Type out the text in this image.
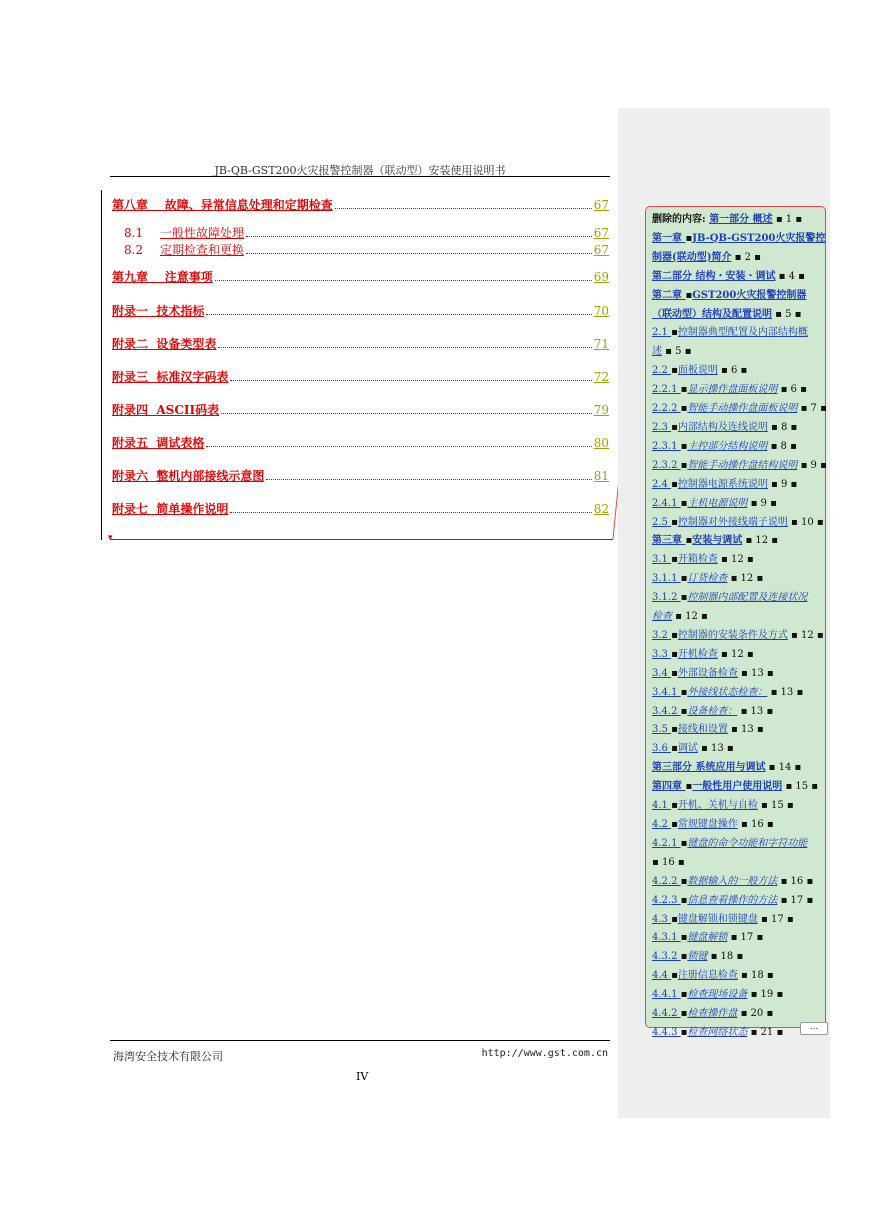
JB-QB-GST200火灾报警控制器（联动型）安装使用说明书
第八章    故障、异常信息处理和定期检查	67
8.1 一般性故障处理	67
8.2 定期检查和更换	67
第九章    注意事项	69
附录一  技术指标	70
附录二  设备类型表	71
附录三  标准汉字码表	72
附录四  ASCII码表	79
附录五  调试表格	80
附录六  整机内部接线示意图	81
附录七  简单操作说明	82
▾
海湾安全技术有限公司	http://www.gst.com.cn
IV
删除的内容: 第一部分 概述 ▪ 1 ▪
第一章 ▪JB-QB-GST200火灾报警控
制器(联动型)简介 ▪ 2 ▪
第二部分 结构・安装・调试 ▪ 4 ▪
第二章 ▪GST200火灾报警控制器
（联动型）结构及配置说明 ▪ 5 ▪
2.1 ▪控制器典型配置及内部结构概
述 ▪ 5 ▪
2.2 ▪面板说明 ▪ 6 ▪
2.2.1 ▪显示操作盘面板说明 ▪ 6 ▪
2.2.2 ▪智能手动操作盘面板说明 ▪ 7 ▪
2.3 ▪内部结构及连线说明 ▪ 8 ▪
2.3.1 ▪主控部分结构说明 ▪ 8 ▪
2.3.2 ▪智能手动操作盘结构说明 ▪ 9 ▪
2.4 ▪控制器电源系统说明 ▪ 9 ▪
2.4.1 ▪主机电源说明 ▪ 9 ▪
2.5 ▪控制器对外接线端子说明 ▪ 10 ▪
第三章 ▪安装与调试 ▪ 12 ▪
3.1 ▪开箱检查 ▪ 12 ▪
3.1.1 ▪订货检查 ▪ 12 ▪
3.1.2 ▪控制器内部配置及连接状况
检查 ▪ 12 ▪
3.2 ▪控制器的安装条件及方式 ▪ 12 ▪
3.3 ▪开机检查 ▪ 12 ▪
3.4 ▪外部设备检查 ▪ 13 ▪
3.4.1 ▪外接线状态检查： ▪ 13 ▪
3.4.2 ▪设备检查： ▪ 13 ▪
3.5 ▪接线和设置 ▪ 13 ▪
3.6 ▪调试 ▪ 13 ▪
第三部分 系统应用与调试 ▪ 14 ▪
第四章 ▪一般性用户使用说明 ▪ 15 ▪
4.1 ▪开机、关机与自检 ▪ 15 ▪
4.2 ▪常规键盘操作 ▪ 16 ▪
4.2.1 ▪键盘的命令功能和字符功能
▪ 16 ▪
4.2.2 ▪数据输入的一般方法 ▪ 16 ▪
4.2.3 ▪信息查看操作的方法 ▪ 17 ▪
4.3 ▪键盘解锁和锁键盘 ▪ 17 ▪
4.3.1 ▪键盘解锁 ▪ 17 ▪
4.3.2 ▪锁键 ▪ 18 ▪
4.4 ▪注册信息检查 ▪ 18 ▪
4.4.1 ▪检查现场设备 ▪ 19 ▪
4.4.2 ▪检查操作盘 ▪ 20 ▪
4.4.3 ▪检查网络状态 ▪ 21 ▪	...
